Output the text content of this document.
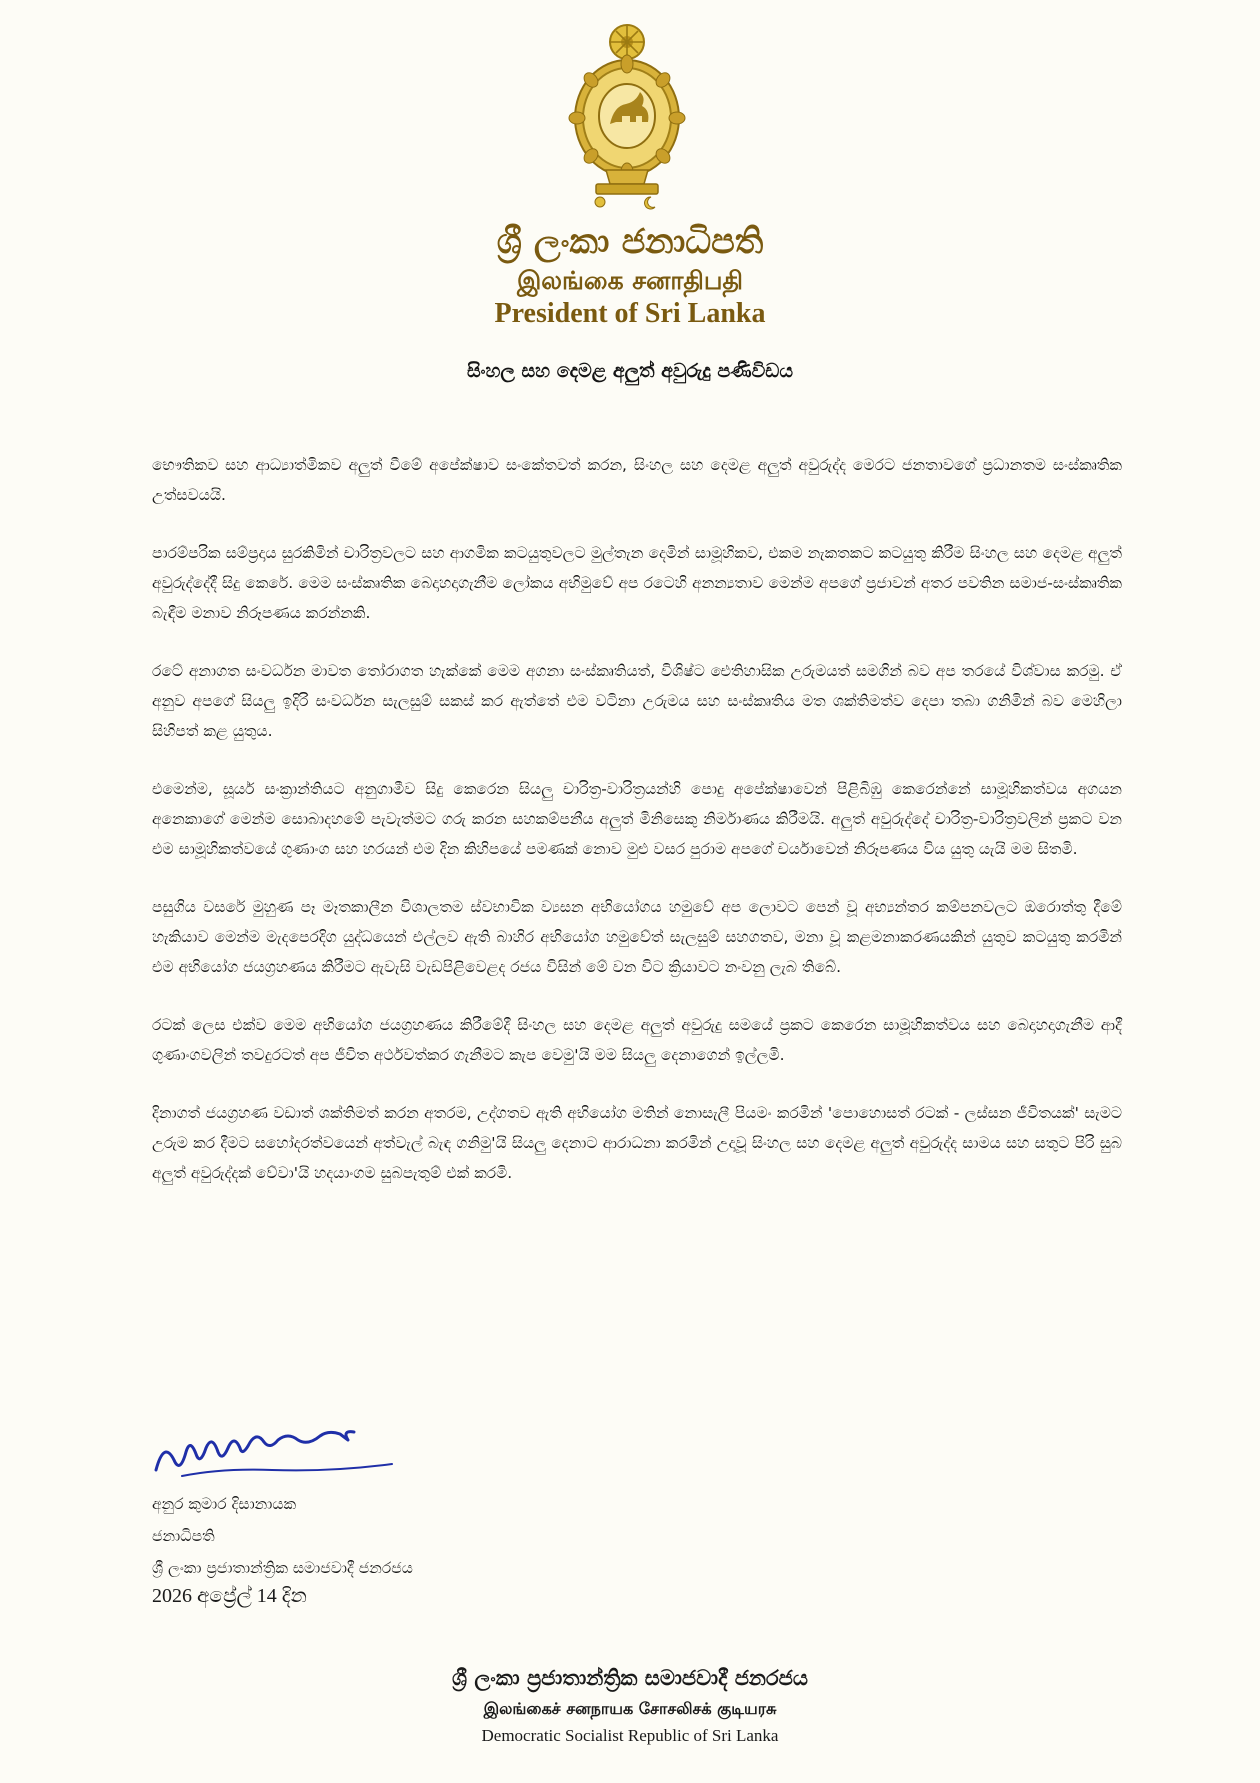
ශ්‍රී ලංකා ජනාධිපති
இலங்கை சனாதிபதி
President of Sri Lanka
සිංහල සහ දෙමළ අලුත් අවුරුදු පණිවිඩය

භෞතිකව සහ ආධ්‍යාත්මිකව අලුත් වීමේ අපේක්ෂාව සංකේතවත් කරන, සිංහල සහ දෙමළ අලුත් අවුරුද්ද මෙරට ජනතාවගේ ප්‍රධානතම සංස්කෘතික උත්සවයයි.

පාරම්පරික සම්ප්‍රදාය සුරකිමින් චාරිත්‍රවලට සහ ආගමික කටයුතුවලට මුල්තැන දෙමින් සාමූහිකව, එකම නැකතකට කටයුතු කිරීම සිංහල සහ දෙමළ අලුත් අවුරුද්දේදී සිදු කෙරේ. මෙම සංස්කෘතික බෙදාහදාගැනීම ලෝකය අභිමුවේ අප රටෙහි අනන්‍යතාව මෙන්ම අපගේ ප්‍රජාවන් අතර පවතින සමාජ-සංස්කෘතික බැඳීම මනාව නිරූපණය කරන්නකි.

රටේ අනාගත සංවර්ධන මාවත තෝරාගත හැක්කේ මෙම අගනා සංස්කෘතියත්, විශිෂ්ට ඓතිහාසික උරුමයත් සමගින් බව අප තරයේ විශ්වාස කරමු. ඒ අනුව අපගේ සියලු ඉදිරි සංවර්ධන සැලසුම් සකස් කර ඇත්තේ එම වටිනා උරුමය සහ සංස්කෘතිය මත ශක්තිමත්ව දෙපා තබා ගනිමින් බව මෙහිලා සිහිපත් කළ යුතුය.

එමෙන්ම, සූර්ය සංක්‍රාන්තියට අනුගාමීව සිදු කෙරෙන සියලු චාරිත්‍ර-වාරිත්‍රයන්හි පොදු අපේක්ෂාවෙන් පිළිබිඹු කෙරෙන්නේ සාමූහිකත්වය අගයන අනෙකාගේ මෙන්ම සොබාදහමේ පැවැත්මට ගරු කරන සහකම්පනීය අලුත් මිනිසෙකු නිර්මාණය කිරීමයි. අලුත් අවුරුද්දේ චාරිත්‍ර-වාරිත්‍රවලින් ප්‍රකට වන එම සාමූහිකත්වයේ ගුණාංග සහ හරයන් එම දින කිහිපයේ පමණක් නොව මුළු වසර පුරාම අපගේ චර්යාවෙන් නිරූපණය විය යුතු යැයි මම සිතමි.

පසුගිය වසරේ මුහුණ පෑ මෑතකාලීන විශාලතම ස්වභාවික ව්‍යසන අභියෝගය හමුවේ අප ලොවට පෙන් වූ අභ්‍යන්තර කම්පනවලට ඔරොත්තු දීමේ හැකියාව මෙන්ම මැදපෙරදිග යුද්ධයෙන් එල්ලව ඇති බාහිර අභියෝග හමුවේත් සැලසුම් සහගතව, මනා වූ කළමනාකරණයකින් යුතුව කටයුතු කරමින් එම අභියෝග ජයග්‍රහණය කිරීමට ඇවැසි වැඩපිළිවෙළද රජය විසින් මේ වන විට ක්‍රියාවට නංවනු ලැබ තිබේ.

රටක් ලෙස එක්ව මෙම අභියෝග ජයග්‍රහණය කිරීමේදී සිංහල සහ දෙමළ අලුත් අවුරුදු සමයේ ප්‍රකට කෙරෙන සාමූහිකත්වය සහ බෙදාහදාගැනීම ආදී ගුණාංගවලින් තවදුරටත් අප ජීවිත අර්ථවත්කර ගැනීමට කැප වෙමු'යි මම සියලු දෙනාගෙන් ඉල්ලමි.

දිනාගත් ජයග්‍රහණ වඩාත් ශක්තිමත් කරන අතරම, උද්ගතව ඇති අභියෝග මතින් නොසැලී පියමං කරමින් 'පොහොසත් රටක් - ලස්සන ජීවිතයක්' සැමට උරුම කර දීමට සහෝදරත්වයෙන් අත්වැල් බැඳ ගනිමු'යි සියලු දෙනාට ආරාධනා කරමින් උදාවූ සිංහල සහ දෙමළ අලුත් අවුරුද්ද සාමය සහ සතුට පිරි සුබ අලුත් අවුරුද්දක් වේවා'යි හදයාංගම සුබපැතුම් එක් කරමි.

අනුර කුමාර දිසානායක
ජනාධිපති
ශ්‍රී ලංකා ප්‍රජාතාන්ත්‍රික සමාජවාදී ජනරජය
2026 අප්‍රේල් 14 දින
ශ්‍රී ලංකා ප්‍රජාතාන්ත්‍රික සමාජවාදී ජනරජය
இலங்கைச் சனநாயக சோசலிசக் குடியரசு
Democratic Socialist Republic of Sri Lanka
